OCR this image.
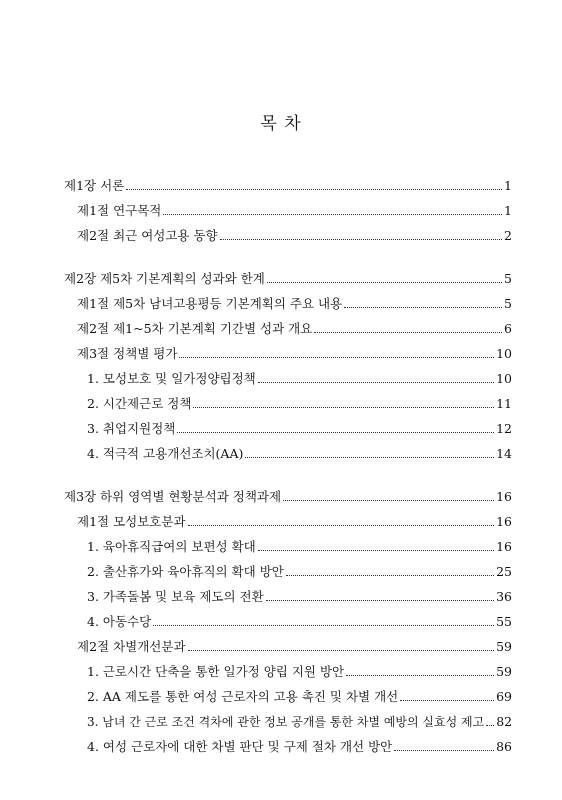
목 차
제1장 서론	1
제1절 연구목적	1
제2절 최근 여성고용 동향	2
제2장 제5차 기본계획의 성과와 한계	5
제1절 제5차 남녀고용평등 기본계획의 주요 내용	5
제2절 제1~5차 기본계획 기간별 성과 개요	6
제3절 정책별 평가	10
1. 모성보호 및 일가정양립정책	10
2. 시간제근로 정책	11
3. 취업지원정책	12
4. 적극적 고용개선조치(AA)	14
제3장 하위 영역별 현황분석과 정책과제	16
제1절 모성보호분과	16
1. 육아휴직급여의 보편성 확대	16
2. 출산휴가와 육아휴직의 확대 방안	25
3. 가족돌봄 및 보육 제도의 전환	36
4. 아동수당	55
제2절 차별개선분과	59
1. 근로시간 단축을 통한 일가정 양립 지원 방안	59
2. AA 제도를 통한 여성 근로자의 고용 촉진 및 차별 개선	69
3. 남녀 간 근로 조건 격차에 관한 정보 공개를 통한 차별 예방의 실효성 제고 82
4. 여성 근로자에 대한 차별 판단 및 구제 절차 개선 방안	86
